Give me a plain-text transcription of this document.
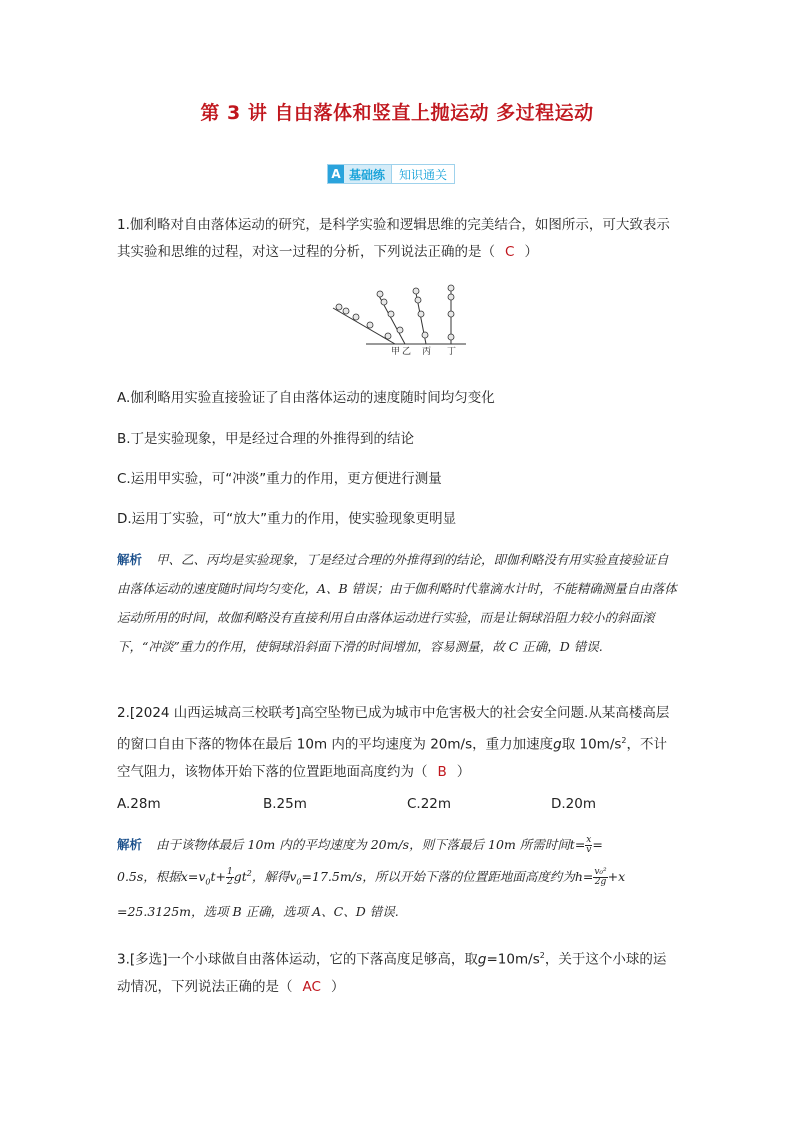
第 3 讲 自由落体和竖直上抛运动 多过程运动
A 基础练	知识通关
1.伽利略对自由落体运动的研究，是科学实验和逻辑思维的完美结合，如图所示，可大致表示其实验和思维的过程，对这一过程的分析，下列说法正确的是（ C ）
甲 乙 丙 丁
A.伽利略用实验直接验证了自由落体运动的速度随时间均匀变化
B.丁是实验现象，甲是经过合理的外推得到的结论
C.运用甲实验，可“冲淡”重力的作用，更方便进行测量
D.运用丁实验，可“放大”重力的作用，使实验现象更明显
解析 甲、乙、丙均是实验现象，丁是经过合理的外推得到的结论，即伽利略没有用实验直接验证自由落体运动的速度随时间均匀变化，A、B 错误；由于伽利略时代靠滴水计时，不能精确测量自由落体运动所用的时间，故伽利略没有直接利用自由落体运动进行实验，而是让铜球沿阻力较小的斜面滚下，“冲淡”重力的作用，使铜球沿斜面下滑的时间增加，容易测量，故 C 正确，D 错误.
2.[2024 山西运城高三校联考]高空坠物已成为城市中危害极大的社会安全问题.从某高楼高层的窗口自由下落的物体在最后 10m 内的平均速度为 20m/s，重力加速度g取 $10m/s^2$，不计空气阻力，该物体开始下落的位置距地面高度约为（ B ）
A.28m	B.25m	C.22m	D.20m
解析 由于该物体最后 10m 内的平均速度为 20m/s，则下落最后 10m 所需时间$t= \frac{x}{v}$ =
0.5s，根据$x=v_0t+ \frac{1}{2} gt^2$，解得$v_0=17.5m/s$，所以开始下落的位置距地面高度约为$h= \frac{\text{v₀²}}{2g} +x$
=25.3125m，选项 B 正确，选项 A、C、D 错误.
3.[多选]一个小球做自由落体运动，它的下落高度足够高，取$g=10m/s^2$，关于这个小球的运动情况，下列说法正确的是（ AC ）
